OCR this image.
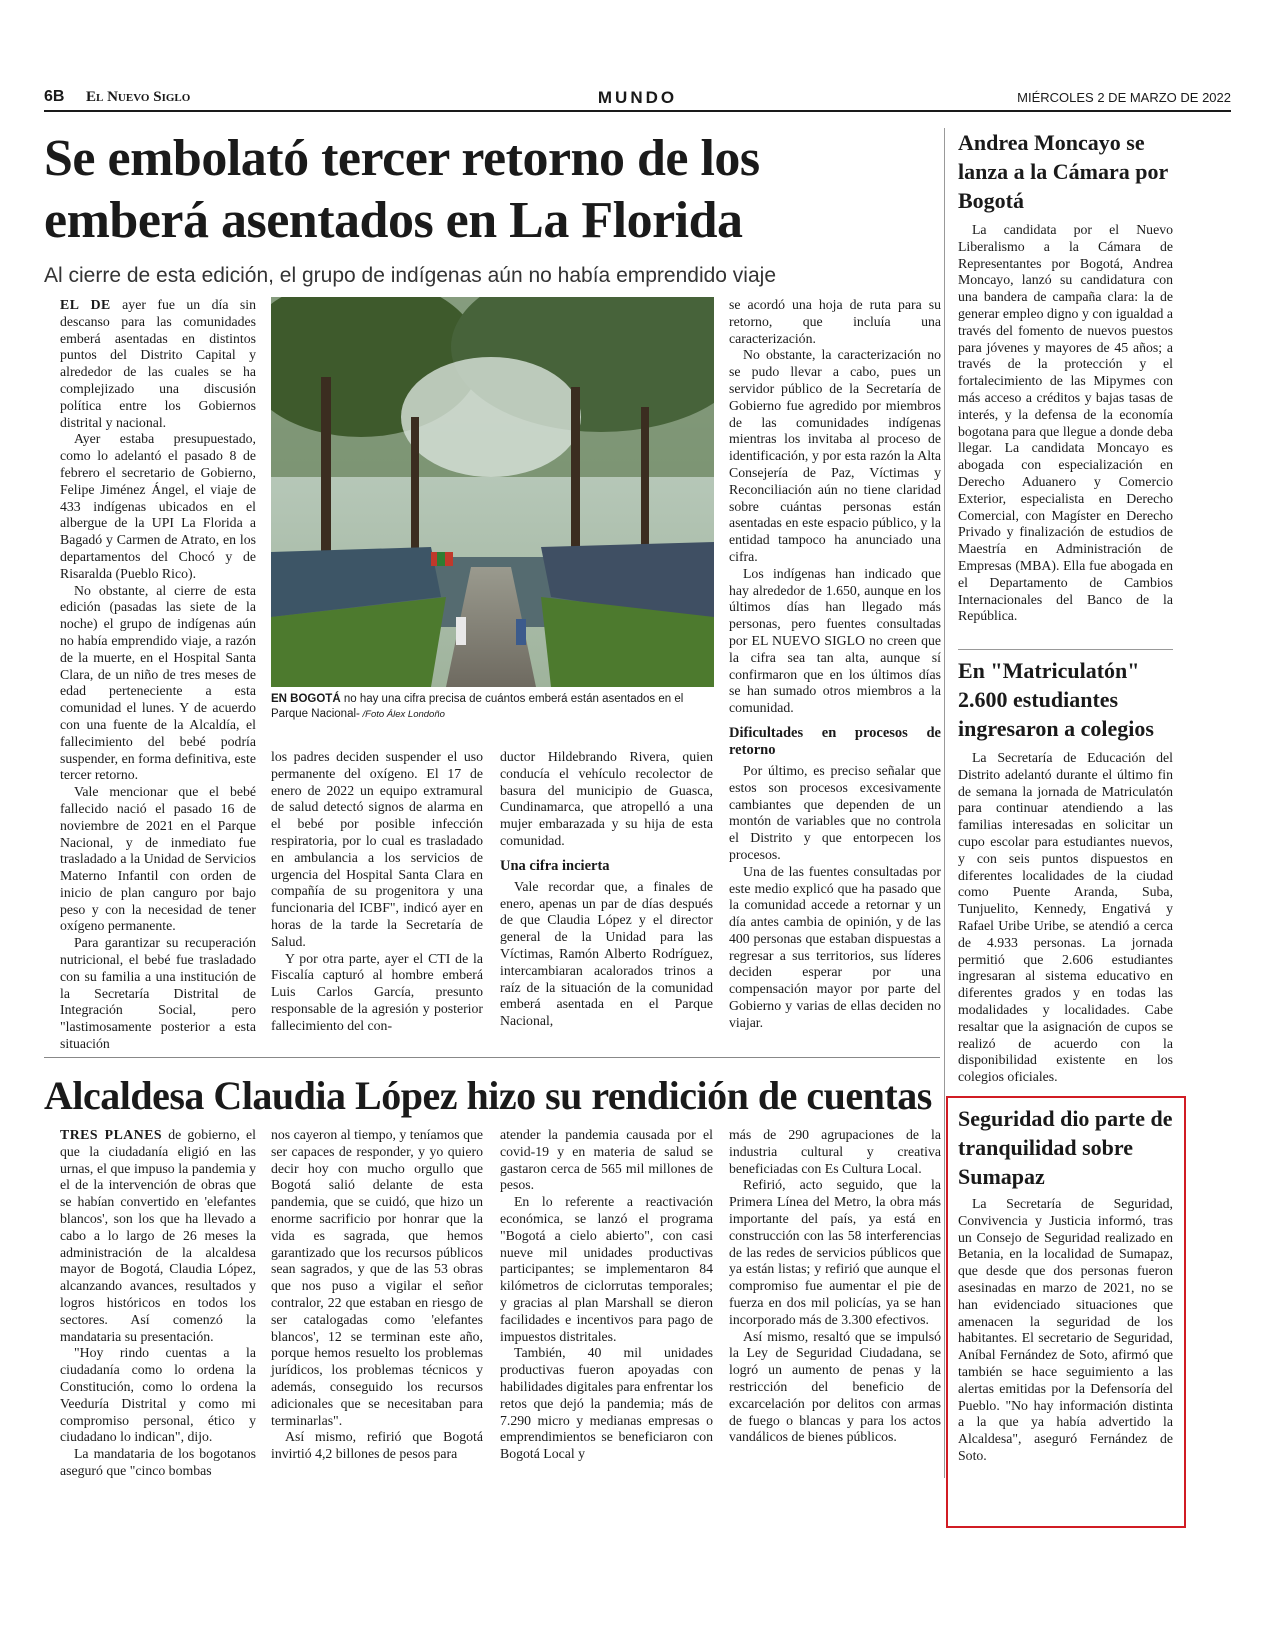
6B El Nuevo Siglo	MUNDO	MIÉRCOLES 2 DE MARZO DE 2022
Se embolató tercer retorno de los
emberá asentados en La Florida

Al cierre de esta edición, el grupo de indígenas aún no había emprendido viaje

EL DE ayer fue un día sin descanso para las comunidades emberá asentadas en distintos puntos del Distrito Capital y alrededor de las cuales se ha complejizado una discusión política entre los Gobiernos distrital y nacional.

Ayer estaba presupuestado, como lo adelantó el pasado 8 de febrero el secretario de Gobierno, Felipe Jiménez Ángel, el viaje de 433 indígenas ubicados en el albergue de la UPI La Florida a Bagadó y Carmen de Atrato, en los departamentos del Chocó y de Risaralda (Pueblo Rico).

No obstante, al cierre de esta edición (pasadas las siete de la noche) el grupo de indígenas aún no había emprendido viaje, a razón de la muerte, en el Hospital Santa Clara, de un niño de tres meses de edad perteneciente a esta comunidad el lunes. Y de acuerdo con una fuente de la Alcaldía, el fallecimiento del bebé podría suspender, en forma definitiva, este tercer retorno.

Vale mencionar que el bebé fallecido nació el pasado 16 de noviembre de 2021 en el Parque Nacional, y de inmediato fue trasladado a la Unidad de Servicios Materno Infantil con orden de inicio de plan canguro por bajo peso y con la necesidad de tener oxígeno permanente.

Para garantizar su recuperación nutricional, el bebé fue trasladado con su familia a una institución de la Secretaría Distrital de Integración Social, pero "lastimosamente posterior a esta situación

EN BOGOTÁ no hay una cifra precisa de cuántos emberá están asentados en el Parque Nacional- /Foto Álex Londoño

los padres deciden suspender el uso permanente del oxígeno. El 17 de enero de 2022 un equipo extramural de salud detectó signos de alarma en el bebé por posible infección respiratoria, por lo cual es trasladado en ambulancia a los servicios de urgencia del Hospital Santa Clara en compañía de su progenitora y una funcionaria del ICBF", indicó ayer en horas de la tarde la Secretaría de Salud.

Y por otra parte, ayer el CTI de la Fiscalía capturó al hombre emberá Luis Carlos García, presunto responsable de la agresión y posterior fallecimiento del con-

ductor Hildebrando Rivera, quien conducía el vehículo recolector de basura del municipio de Guasca, Cundinamarca, que atropelló a una mujer embarazada y su hija de esta comunidad.

Una cifra incierta

Vale recordar que, a finales de enero, apenas un par de días después de que Claudia López y el director general de la Unidad para las Víctimas, Ramón Alberto Rodríguez, intercambiaran acalorados trinos a raíz de la situación de la comunidad emberá asentada en el Parque Nacional,

se acordó una hoja de ruta para su retorno, que incluía una caracterización.

No obstante, la caracterización no se pudo llevar a cabo, pues un servidor público de la Secretaría de Gobierno fue agredido por miembros de las comunidades indígenas mientras los invitaba al proceso de identificación, y por esta razón la Alta Consejería de Paz, Víctimas y Reconciliación aún no tiene claridad sobre cuántas personas están asentadas en este espacio público, y la entidad tampoco ha anunciado una cifra.

Los indígenas han indicado que hay alrededor de 1.650, aunque en los últimos días han llegado más personas, pero fuentes consultadas por EL NUEVO SIGLO no creen que la cifra sea tan alta, aunque sí confirmaron que en los últimos días se han sumado otros miembros a la comunidad.

Dificultades en procesos de retorno

Por último, es preciso señalar que estos son procesos excesivamente cambiantes que dependen de un montón de variables que no controla el Distrito y que entorpecen los procesos.

Una de las fuentes consultadas por este medio explicó que ha pasado que la comunidad accede a retornar y un día antes cambia de opinión, y de las 400 personas que estaban dispuestas a regresar a sus territorios, sus líderes deciden esperar por una compensación mayor por parte del Gobierno y varias de ellas deciden no viajar.

Alcaldesa Claudia López hizo su rendición de cuentas

TRES PLANES de gobierno, el que la ciudadanía eligió en las urnas, el que impuso la pandemia y el de la intervención de obras que se habían convertido en 'elefantes blancos', son los que ha llevado a cabo a lo largo de 26 meses la administración de la alcaldesa mayor de Bogotá, Claudia López, alcanzando avances, resultados y logros históricos en todos los sectores. Así comenzó la mandataria su presentación.

"Hoy rindo cuentas a la ciudadanía como lo ordena la Constitución, como lo ordena la Veeduría Distrital y como mi compromiso personal, ético y ciudadano lo indican", dijo.

La mandataria de los bogotanos aseguró que "cinco bombas

nos cayeron al tiempo, y teníamos que ser capaces de responder, y yo quiero decir hoy con mucho orgullo que Bogotá salió delante de esta pandemia, que se cuidó, que hizo un enorme sacrificio por honrar que la vida es sagrada, que hemos garantizado que los recursos públicos sean sagrados, y que de las 53 obras que nos puso a vigilar el señor contralor, 22 que estaban en riesgo de ser catalogadas como 'elefantes blancos', 12 se terminan este año, porque hemos resuelto los problemas jurídicos, los problemas técnicos y además, conseguido los recursos adicionales que se necesitaban para terminarlas".

Así mismo, refirió que Bogotá invirtió 4,2 billones de pesos para

atender la pandemia causada por el covid-19 y en materia de salud se gastaron cerca de 565 mil millones de pesos.

En lo referente a reactivación económica, se lanzó el programa "Bogotá a cielo abierto", con casi nueve mil unidades productivas participantes; se implementaron 84 kilómetros de ciclorrutas temporales; y gracias al plan Marshall se dieron facilidades e incentivos para pago de impuestos distritales.

También, 40 mil unidades productivas fueron apoyadas con habilidades digitales para enfrentar los retos que dejó la pandemia; más de 7.290 micro y medianas empresas o emprendimientos se beneficiaron con Bogotá Local y

más de 290 agrupaciones de la industria cultural y creativa beneficiadas con Es Cultura Local.

Refirió, acto seguido, que la Primera Línea del Metro, la obra más importante del país, ya está en construcción con las 58 interferencias de las redes de servicios públicos que ya están listas; y refirió que aunque el compromiso fue aumentar el pie de fuerza en dos mil policías, ya se han incorporado más de 3.300 efectivos.

Así mismo, resaltó que se impulsó la Ley de Seguridad Ciudadana, se logró un aumento de penas y la restricción del beneficio de excarcelación por delitos con armas de fuego o blancas y para los actos vandálicos de bienes públicos.

Andrea Moncayo se lanza a la Cámara por Bogotá

La candidata por el Nuevo Liberalismo a la Cámara de Representantes por Bogotá, Andrea Moncayo, lanzó su candidatura con una bandera de campaña clara: la de generar empleo digno y con igualdad a través del fomento de nuevos puestos para jóvenes y mayores de 45 años; a través de la protección y el fortalecimiento de las Mipymes con más acceso a créditos y bajas tasas de interés, y la defensa de la economía bogotana para que llegue a donde deba llegar. La candidata Moncayo es abogada con especialización en Derecho Aduanero y Comercio Exterior, especialista en Derecho Comercial, con Magíster en Derecho Privado y finalización de estudios de Maestría en Administración de Empresas (MBA). Ella fue abogada en el Departamento de Cambios Internacionales del Banco de la República.

En "Matriculatón" 2.600 estudiantes ingresaron a colegios

La Secretaría de Educación del Distrito adelantó durante el último fin de semana la jornada de Matriculatón para continuar atendiendo a las familias interesadas en solicitar un cupo escolar para estudiantes nuevos, y con seis puntos dispuestos en diferentes localidades de la ciudad como Puente Aranda, Suba, Tunjuelito, Kennedy, Engativá y Rafael Uribe Uribe, se atendió a cerca de 4.933 personas. La jornada permitió que 2.606 estudiantes ingresaran al sistema educativo en diferentes grados y en todas las modalidades y localidades. Cabe resaltar que la asignación de cupos se realizó de acuerdo con la disponibilidad existente en los colegios oficiales.

Seguridad dio parte de tranquilidad sobre Sumapaz

La Secretaría de Seguridad, Convivencia y Justicia informó, tras un Consejo de Seguridad realizado en Betania, en la localidad de Sumapaz, que desde que dos personas fueron asesinadas en marzo de 2021, no se han evidenciado situaciones que amenacen la seguridad de los habitantes. El secretario de Seguridad, Aníbal Fernández de Soto, afirmó que también se hace seguimiento a las alertas emitidas por la Defensoría del Pueblo. "No hay información distinta a la que ya había advertido la Alcaldesa", aseguró Fernández de Soto.
